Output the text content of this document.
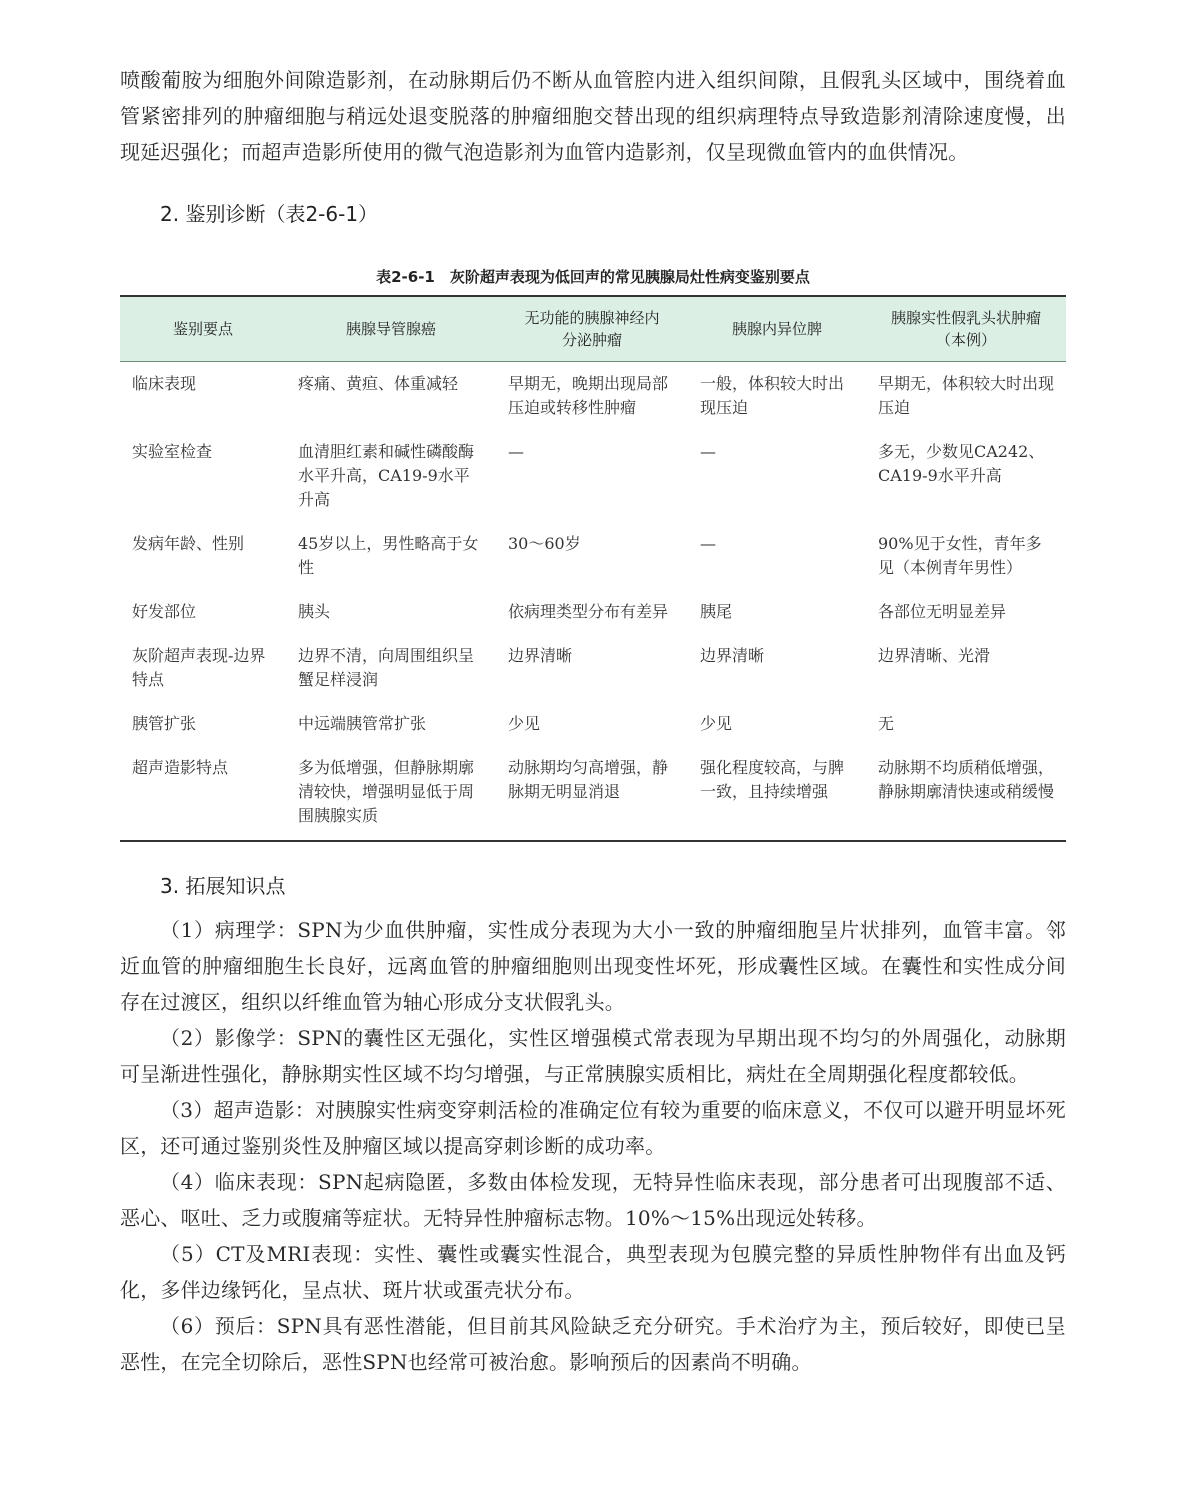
喷酸葡胺为细胞外间隙造影剂，在动脉期后仍不断从血管腔内进入组织间隙，且假乳头区域中，围绕着血管紧密排列的肿瘤细胞与稍远处退变脱落的肿瘤细胞交替出现的组织病理特点导致造影剂清除速度慢，出现延迟强化；而超声造影所使用的微气泡造影剂为血管内造影剂，仅呈现微血管内的血供情况。

2. 鉴别诊断（表2-6-1）
表2-6-1　灰阶超声表现为低回声的常见胰腺局灶性病变鉴别要点
鉴别要点	胰腺导管腺癌	无功能的胰腺神经内分泌肿瘤	胰腺内异位脾	胰腺实性假乳头状肿瘤（本例）
临床表现	疼痛、黄疸、体重减轻	早期无，晚期出现局部压迫或转移性肿瘤	一般，体积较大时出现压迫	早期无，体积较大时出现压迫
实验室检查	血清胆红素和碱性磷酸酶水平升高，CA19-9水平升高	—	—	多无，少数见CA242、CA19-9水平升高
发病年龄、性别	45岁以上，男性略高于女性	30～60岁	—	90%见于女性，青年多见（本例青年男性）
好发部位	胰头	依病理类型分布有差异	胰尾	各部位无明显差异
灰阶超声表现-边界特点	边界不清，向周围组织呈蟹足样浸润	边界清晰	边界清晰	边界清晰、光滑
胰管扩张	中远端胰管常扩张	少见	少见	无
超声造影特点	多为低增强，但静脉期廓清较快，增强明显低于周围胰腺实质	动脉期均匀高增强，静脉期无明显消退	强化程度较高，与脾一致，且持续增强	动脉期不均质稍低增强，静脉期廓清快速或稍缓慢
3. 拓展知识点

（1）病理学：SPN为少血供肿瘤，实性成分表现为大小一致的肿瘤细胞呈片状排列，血管丰富。邻近血管的肿瘤细胞生长良好，远离血管的肿瘤细胞则出现变性坏死，形成囊性区域。在囊性和实性成分间存在过渡区，组织以纤维血管为轴心形成分支状假乳头。

（2）影像学：SPN的囊性区无强化，实性区增强模式常表现为早期出现不均匀的外周强化，动脉期可呈渐进性强化，静脉期实性区域不均匀增强，与正常胰腺实质相比，病灶在全周期强化程度都较低。

（3）超声造影：对胰腺实性病变穿刺活检的准确定位有较为重要的临床意义，不仅可以避开明显坏死区，还可通过鉴别炎性及肿瘤区域以提高穿刺诊断的成功率。

（4）临床表现：SPN起病隐匿，多数由体检发现，无特异性临床表现，部分患者可出现腹部不适、恶心、呕吐、乏力或腹痛等症状。无特异性肿瘤标志物。10%～15%出现远处转移。

（5）CT及MRI表现：实性、囊性或囊实性混合，典型表现为包膜完整的异质性肿物伴有出血及钙化，多伴边缘钙化，呈点状、斑片状或蛋壳状分布。

（6）预后：SPN具有恶性潜能，但目前其风险缺乏充分研究。手术治疗为主，预后较好，即使已呈恶性，在完全切除后，恶性SPN也经常可被治愈。影响预后的因素尚不明确。
